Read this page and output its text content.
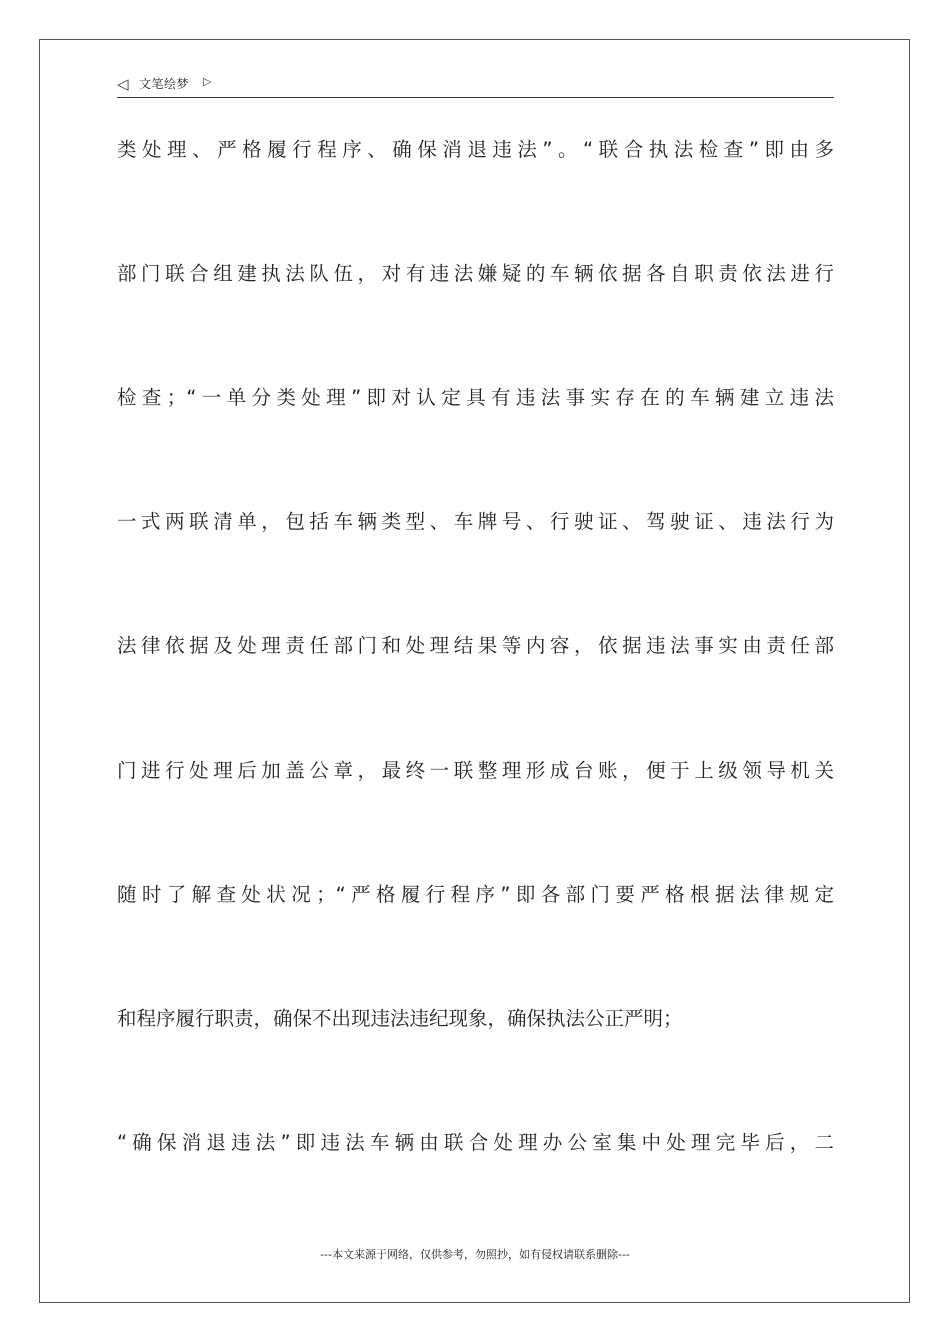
◁ 文笔绘梦 ▷
类处理、严格履行程序、确保消退违法”。“联合执法检查”即由多
部门联合组建执法队伍，对有违法嫌疑的车辆依据各自职责依法进行
检查；“一单分类处理”即对认定具有违法事实存在的车辆建立违法
一式两联清单，包括车辆类型、车牌号、行驶证、驾驶证、违法行为
法律依据及处理责任部门和处理结果等内容，依据违法事实由责任部
门进行处理后加盖公章，最终一联整理形成台账，便于上级领导机关
随时了解查处状况；“严格履行程序”即各部门要严格根据法律规定
和程序履行职责，确保不出现违法违纪现象，确保执法公正严明；
“确保消退违法”即违法车辆由联合处理办公室集中处理完毕后，二
---本文来源于网络，仅供参考，勿照抄，如有侵权请联系删除---
